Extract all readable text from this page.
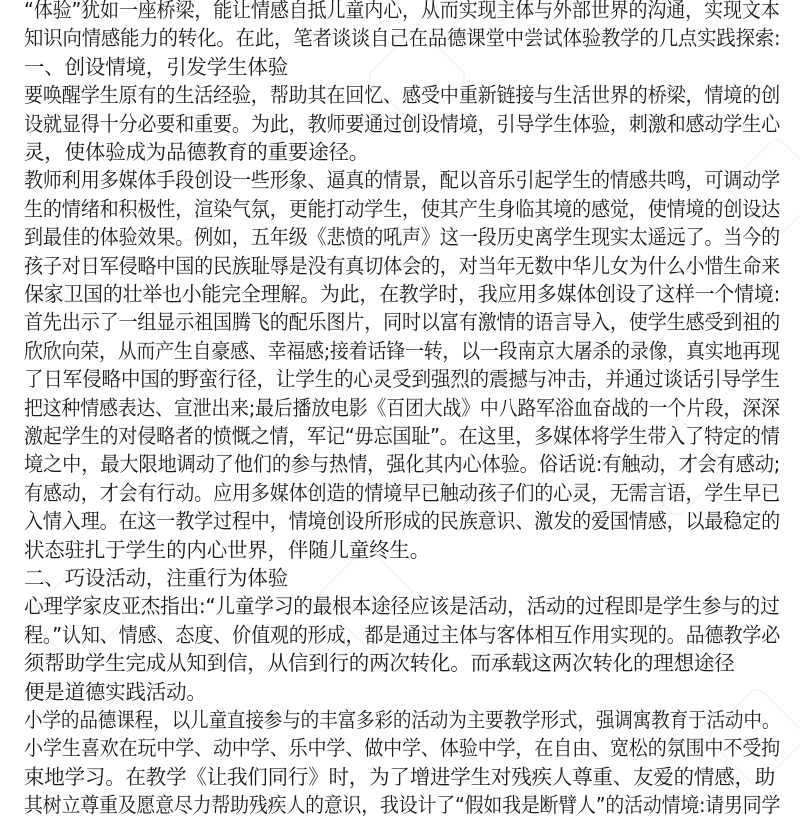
“体验”犹如一座桥梁，能让情感自抵儿童内心，从而实现主体与外部世界的沟通，实现文本
知识向情感能力的转化。在此，笔者谈谈自己在品德课堂中尝试体验教学的几点实践探索:
一、创设情境，引发学生体验
要唤醒学生原有的生活经验，帮助其在回忆、感受中重新链接与生活世界的桥梁，情境的创
设就显得十分必要和重要。为此，教师要通过创设情境，引导学生体验，刺激和感动学生心
灵，使体验成为品德教育的重要途径。
教师利用多媒体手段创设一些形象、逼真的情景，配以音乐引起学生的情感共鸣，可调动学
生的情绪和积极性，渲染气氛，更能打动学生，使其产生身临其境的感觉，使情境的创设达
到最佳的体验效果。例如，五年级《悲愤的吼声》这一段历史离学生现实太遥远了。当今的
孩子对日军侵略中国的民族耻辱是没有真切体会的，对当年无数中华儿女为什么小惜生命来
保家卫国的壮举也小能完全理解。为此，在教学时，我应用多媒体创设了这样一个情境:
首先出示了一组显示祖国腾飞的配乐图片，同时以富有激情的语言导入，使学生感受到祖的
欣欣向荣，从而产生自豪感、幸福感;接着话锋一转，以一段南京大屠杀的录像，真实地再现
了日军侵略中国的野蛮行径，让学生的心灵受到强烈的震撼与冲击，并通过谈话引导学生
把这种情感表达、宣泄出来;最后播放电影《百团大战》中八路军浴血奋战的一个片段，深深
激起学生的对侵略者的愤慨之情，军记“毋忘国耻”。在这里，多媒体将学生带入了特定的情
境之中，最大限地调动了他们的参与热情，强化其内心体验。俗话说:有触动，才会有感动;
有感动，才会有行动。应用多媒体创造的情境早已触动孩子们的心灵，无需言语，学生早已
入情入理。在这一教学过程中，情境创设所形成的民族意识、激发的爱国情感，以最稳定的
状态驻扎于学生的内心世界，伴随儿童终生。
二、巧设活动，注重行为体验
心理学家皮亚杰指出:“儿童学习的最根本途径应该是活动，活动的过程即是学生参与的过
程。”认知、情感、态度、价值观的形成，都是通过主体与客体相互作用实现的。品德教学必
须帮助学生完成从知到信，从信到行的两次转化。而承载这两次转化的理想途径
便是道德实践活动。
小学的品德课程，以儿童直接参与的丰富多彩的活动为主要教学形式，强调寓教育于活动中。
小学生喜欢在玩中学、动中学、乐中学、做中学、体验中学，在自由、宽松的氛围中不受拘
束地学习。在教学《让我们同行》时，为了增进学生对残疾人尊重、友爱的情感，助
其树立尊重及愿意尽力帮助残疾人的意识，我设计了“假如我是断臂人”的活动情境:请男同学
